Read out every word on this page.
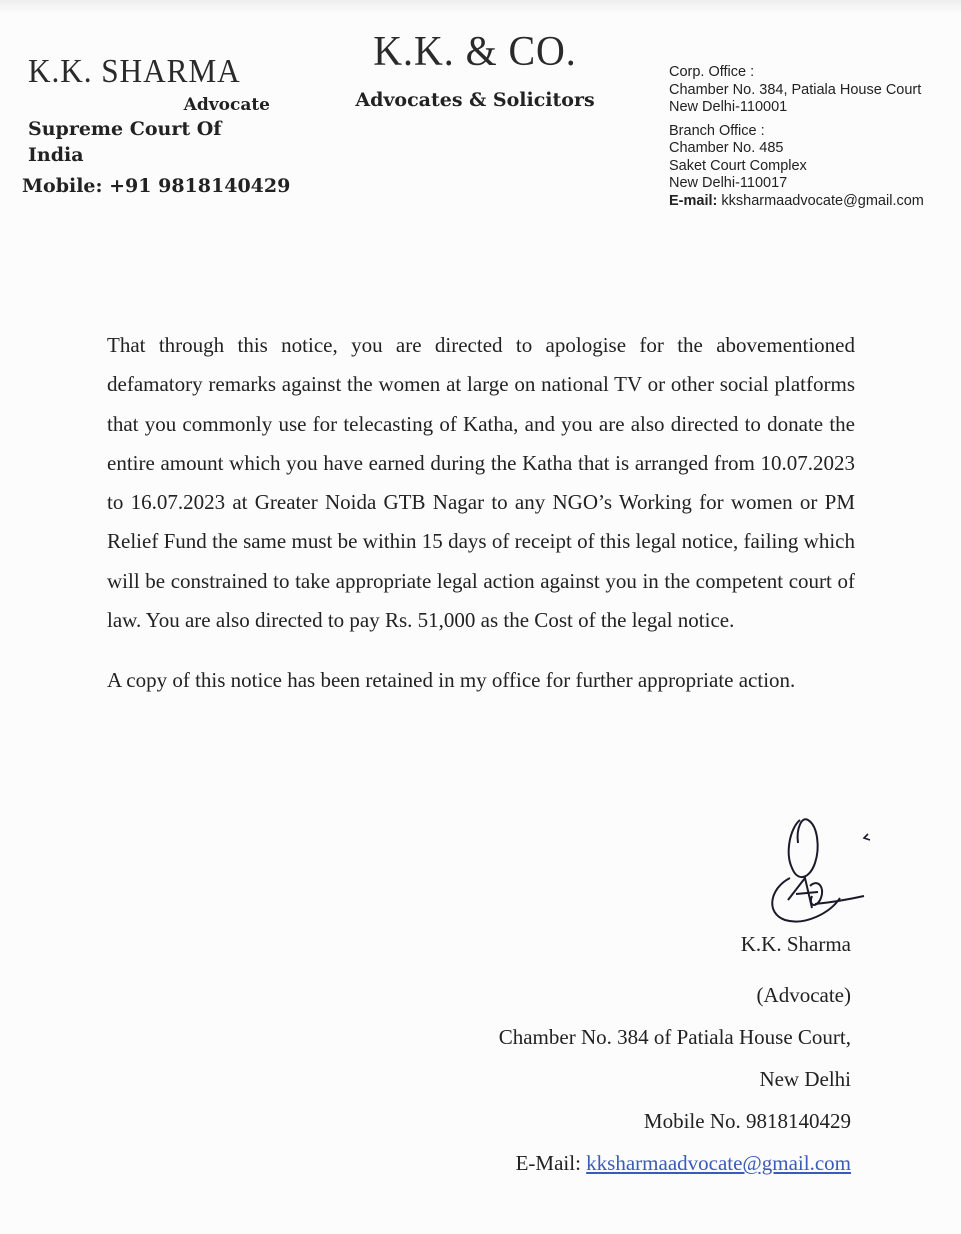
K.K. SHARMA
Advocate
Supreme Court Of India
Mobile: +91 9818140429
K.K. & CO.
Advocates & Solicitors
Corp. Office :
Chamber No. 384, Patiala House Court
New Delhi-110001
Branch Office :
Chamber No. 485
Saket Court Complex
New Delhi-110017
E-mail: kksharmaadvocate@gmail.com

That through this notice, you are directed to apologise for the abovementioned defamatory remarks against the women at large on national TV or other social platforms that you commonly use for telecasting of Katha, and you are also directed to donate the entire amount which you have earned during the Katha that is arranged from 10.07.2023 to 16.07.2023 at Greater Noida GTB Nagar to any NGO’s Working for women or PM Relief Fund the same must be within 15 days of receipt of this legal notice, failing which will be constrained to take appropriate legal action against you in the competent court of law. You are also directed to pay Rs. 51,000 as the Cost of the legal notice.

A copy of this notice has been retained in my office for further appropriate action.

K.K. Sharma
(Advocate)
Chamber No. 384 of Patiala House Court,
New Delhi
Mobile No. 9818140429
E-Mail: kksharmaadvocate@gmail.com
